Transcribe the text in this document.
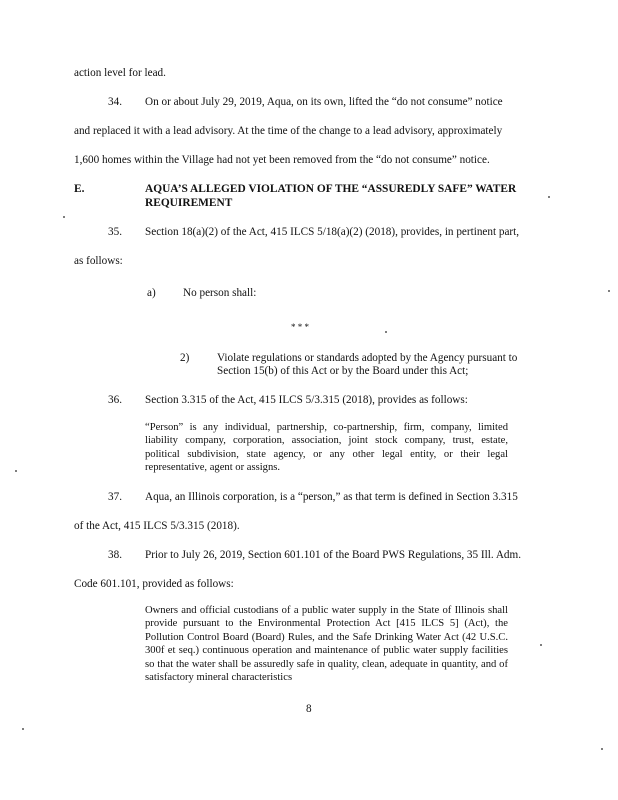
action level for lead.
34. On or about July 29, 2019, Aqua, on its own, lifted the “do not consume” notice
and replaced it with a lead advisory. At the time of the change to a lead advisory, approximately
1,600 homes within the Village had not yet been removed from the “do not consume” notice.
E.	AQUA’S ALLEGED VIOLATION OF THE “ASSUREDLY SAFE” WATER
REQUIREMENT
35. Section 18(a)(2) of the Act, 415 ILCS 5/18(a)(2) (2018), provides, in pertinent part,
as follows:
a) No person shall:
* * *
2) Violate regulations or standards adopted by the Agency pursuant to
Section 15(b) of this Act or by the Board under this Act;
36. Section 3.315 of the Act, 415 ILCS 5/3.315 (2018), provides as follows:
“Person” is any individual, partnership, co-partnership, firm, company, limited liability company, corporation, association, joint stock company, trust, estate, political subdivision, state agency, or any other legal entity, or their legal representative, agent or assigns.
37. Aqua, an Illinois corporation, is a “person,” as that term is defined in Section 3.315
of the Act, 415 ILCS 5/3.315 (2018).
38. Prior to July 26, 2019, Section 601.101 of the Board PWS Regulations, 35 Ill. Adm.
Code 601.101, provided as follows:
Owners and official custodians of a public water supply in the State of Illinois shall provide pursuant to the Environmental Protection Act [415 ILCS 5] (Act), the Pollution Control Board (Board) Rules, and the Safe Drinking Water Act (42 U.S.C. 300f et seq.) continuous operation and maintenance of public water supply facilities so that the water shall be assuredly safe in quality, clean, adequate in quantity, and of satisfactory mineral characteristics
8
